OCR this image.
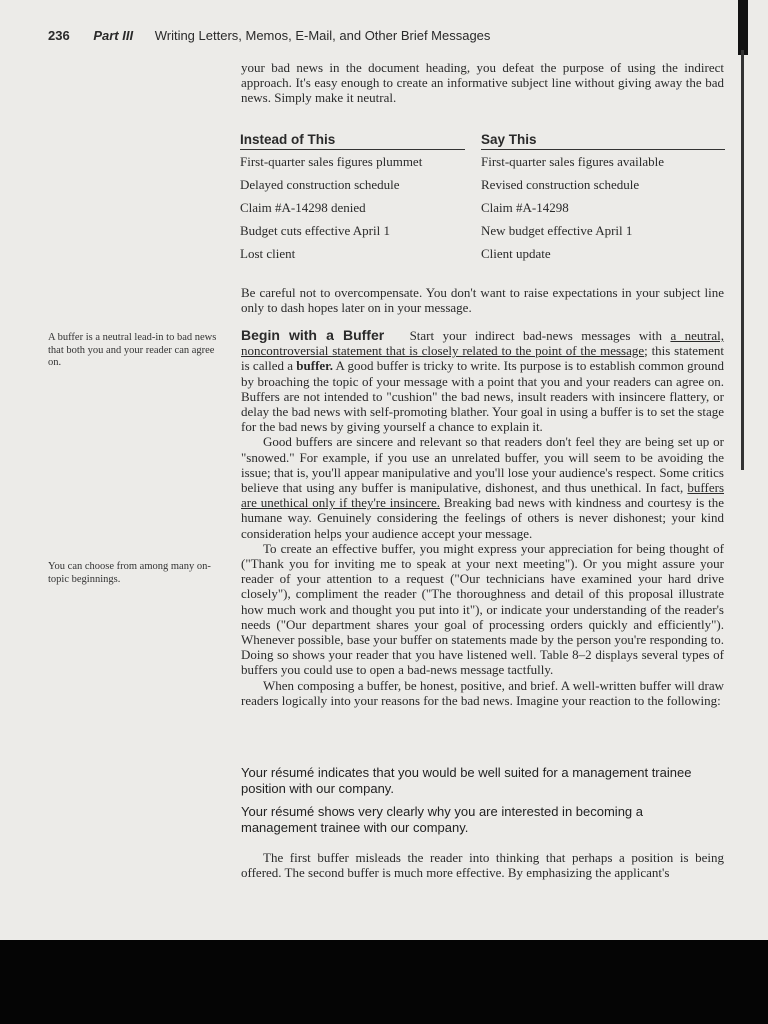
236 Part III Writing Letters, Memos, E-Mail, and Other Brief Messages

your bad news in the document heading, you defeat the purpose of using the indirect approach. It's easy enough to create an informative subject line without giving away the bad news. Simply make it neutral.

Instead of This	Say This
First-quarter sales figures plummet	First-quarter sales figures available
Delayed construction schedule	Revised construction schedule
Claim #A-14298 denied	Claim #A-14298
Budget cuts effective April 1	New budget effective April 1
Lost client	Client update

Be careful not to overcompensate. You don't want to raise expectations in your subject line only to dash hopes later on in your message.

A buffer is a neutral lead-in to bad news that both you and your reader can agree on.
You can choose from among many on-topic beginnings.

Begin with a Buffer Start your indirect bad-news messages with a neutral, noncontroversial statement that is closely related to the point of the message; this statement is called a buffer. A good buffer is tricky to write. Its purpose is to establish common ground by broaching the topic of your message with a point that you and your readers can agree on. Buffers are not intended to "cushion" the bad news, insult readers with insincere flattery, or delay the bad news with self-promoting blather. Your goal in using a buffer is to set the stage for the bad news by giving yourself a chance to explain it.

Good buffers are sincere and relevant so that readers don't feel they are being set up or "snowed." For example, if you use an unrelated buffer, you will seem to be avoiding the issue; that is, you'll appear manipulative and you'll lose your audience's respect. Some critics believe that using any buffer is manipulative, dishonest, and thus unethical. In fact, buffers are unethical only if they're insincere. Breaking bad news with kindness and courtesy is the humane way. Genuinely considering the feelings of others is never dishonest; your kind consideration helps your audience accept your message.

To create an effective buffer, you might express your appreciation for being thought of ("Thank you for inviting me to speak at your next meeting"). Or you might assure your reader of your attention to a request ("Our technicians have examined your hard drive closely"), compliment the reader ("The thoroughness and detail of this proposal illustrate how much work and thought you put into it"), or indicate your understanding of the reader's needs ("Our department shares your goal of processing orders quickly and efficiently"). Whenever possible, base your buffer on statements made by the person you're responding to. Doing so shows your reader that you have listened well. Table 8–2 displays several types of buffers you could use to open a bad-news message tactfully.

When composing a buffer, be honest, positive, and brief. A well-written buffer will draw readers logically into your reasons for the bad news. Imagine your reaction to the following:

Your résumé indicates that you would be well suited for a management trainee position with our company.
Your résumé shows very clearly why you are interested in becoming a management trainee with our company.

The first buffer misleads the reader into thinking that perhaps a position is being offered. The second buffer is much more effective. By emphasizing the applicant's
